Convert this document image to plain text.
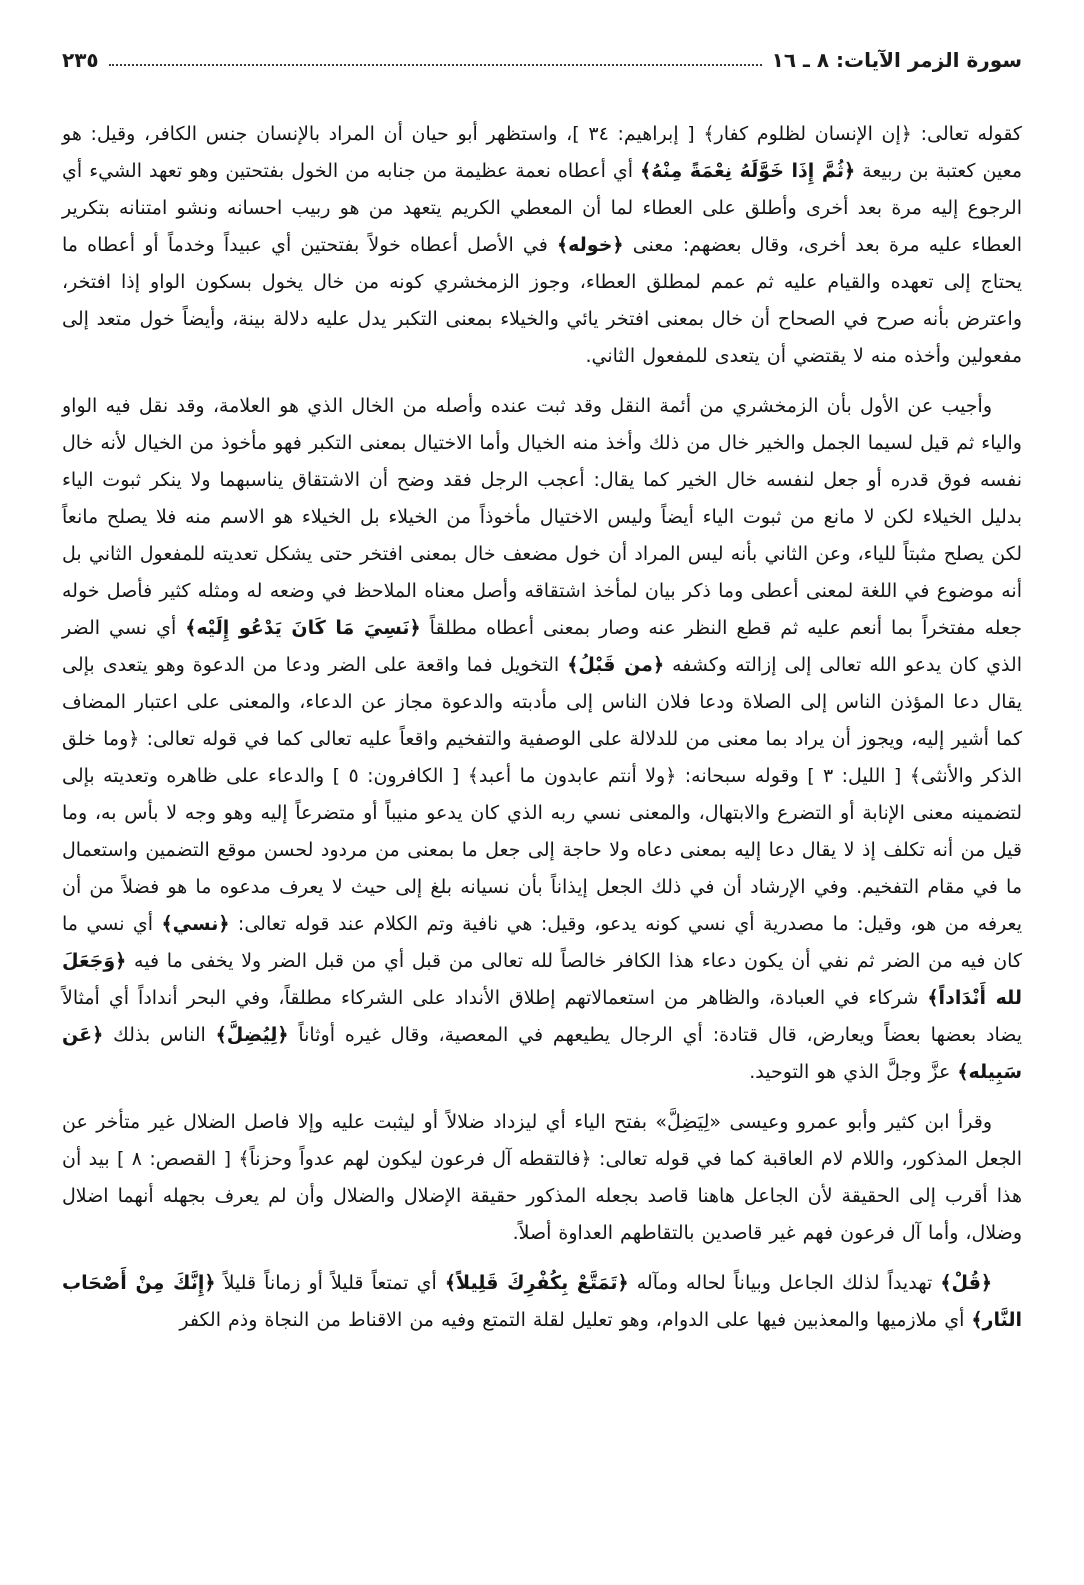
سورة الزمر الآيات: ٨ ـ ١٦
٢٣٥

كقوله تعالى: ﴿إن الإنسان لظلوم كفار﴾ [ إبراهيم: ٣٤ ]، واستظهر أبو حيان أن المراد بالإنسان جنس الكافر، وقيل: هو معين كعتبة بن ربيعة ﴿ثُمَّ إِذَا خَوَّلَهُ نِعْمَةً مِنْهُ﴾ أي أعطاه نعمة عظيمة من جنابه من الخول بفتحتين وهو تعهد الشيء أي الرجوع إليه مرة بعد أخرى وأطلق على العطاء لما أن المعطي الكريم يتعهد من هو ربيب احسانه ونشو امتنانه بتكرير العطاء عليه مرة بعد أخرى، وقال بعضهم: معنى ﴿خوله﴾ في الأصل أعطاه خولاً بفتحتين أي عبيداً وخدماً أو أعطاه ما يحتاج إلى تعهده والقيام عليه ثم عمم لمطلق العطاء، وجوز الزمخشري كونه من خال يخول بسكون الواو إذا افتخر، واعترض بأنه صرح في الصحاح أن خال بمعنى افتخر يائي والخيلاء بمعنى التكبر يدل عليه دلالة بينة، وأيضاً خول متعد إلى مفعولين وأخذه منه لا يقتضي أن يتعدى للمفعول الثاني.

وأجيب عن الأول بأن الزمخشري من أئمة النقل وقد ثبت عنده وأصله من الخال الذي هو العلامة، وقد نقل فيه الواو والياء ثم قيل لسيما الجمل والخير خال من ذلك وأخذ منه الخيال وأما الاختيال بمعنى التكبر فهو مأخوذ من الخيال لأنه خال نفسه فوق قدره أو جعل لنفسه خال الخير كما يقال: أعجب الرجل فقد وضح أن الاشتقاق يناسبهما ولا ينكر ثبوت الياء بدليل الخيلاء لكن لا مانع من ثبوت الياء أيضاً وليس الاختيال مأخوذاً من الخيلاء بل الخيلاء هو الاسم منه فلا يصلح مانعاً لكن يصلح مثبتاً للياء، وعن الثاني بأنه ليس المراد أن خول مضعف خال بمعنى افتخر حتى يشكل تعديته للمفعول الثاني بل أنه موضوع في اللغة لمعنى أعطى وما ذكر بيان لمأخذ اشتقاقه وأصل معناه الملاحظ في وضعه له ومثله كثير فأصل خوله جعله مفتخراً بما أنعم عليه ثم قطع النظر عنه وصار بمعنى أعطاه مطلقاً ﴿نَسِيَ مَا كَانَ يَدْعُو إِلَيْه﴾ أي نسي الضر الذي كان يدعو الله تعالى إلى إزالته وكشفه ﴿من قَبْلُ﴾ التخويل فما واقعة على الضر ودعا من الدعوة وهو يتعدى بإلى يقال دعا المؤذن الناس إلى الصلاة ودعا فلان الناس إلى مأدبته والدعوة مجاز عن الدعاء، والمعنى على اعتبار المضاف كما أشير إليه، ويجوز أن يراد بما معنى من للدلالة على الوصفية والتفخيم واقعاً عليه تعالى كما في قوله تعالى: ﴿وما خلق الذكر والأنثى﴾ [ الليل: ٣ ] وقوله سبحانه: ﴿ولا أنتم عابدون ما أعبد﴾ [ الكافرون: ٥ ] والدعاء على ظاهره وتعديته بإلى لتضمينه معنى الإنابة أو التضرع والابتهال، والمعنى نسي ربه الذي كان يدعو منيباً أو متضرعاً إليه وهو وجه لا بأس به، وما قيل من أنه تكلف إذ لا يقال دعا إليه بمعنى دعاه ولا حاجة إلى جعل ما بمعنى من مردود لحسن موقع التضمين واستعمال ما في مقام التفخيم. وفي الإرشاد أن في ذلك الجعل إيذاناً بأن نسيانه بلغ إلى حيث لا يعرف مدعوه ما هو فضلاً من أن يعرفه من هو، وقيل: ما مصدرية أي نسي كونه يدعو، وقيل: هي نافية وتم الكلام عند قوله تعالى: ﴿نسي﴾ أي نسي ما كان فيه من الضر ثم نفي أن يكون دعاء هذا الكافر خالصاً لله تعالى من قبل أي من قبل الضر ولا يخفى ما فيه ﴿وَجَعَلَ لله أَنْدَاداً﴾ شركاء في العبادة، والظاهر من استعمالاتهم إطلاق الأنداد على الشركاء مطلقاً، وفي البحر أنداداً أي أمثالاً يضاد بعضها بعضاً ويعارض، قال قتادة: أي الرجال يطيعهم في المعصية، وقال غيره أوثاناً ﴿لِيُضِلَّ﴾ الناس بذلك ﴿عَن سَبِيله﴾ عزَّ وجلَّ الذي هو التوحيد.

وقرأ ابن كثير وأبو عمرو وعيسى «لِيَضِلَّ» بفتح الياء أي ليزداد ضلالاً أو ليثبت عليه وإلا فاصل الضلال غير متأخر عن الجعل المذكور، واللام لام العاقبة كما في قوله تعالى: ﴿فالتقطه آل فرعون ليكون لهم عدواً وحزناً﴾ [ القصص: ٨ ] بيد أن هذا أقرب إلى الحقيقة لأن الجاعل هاهنا قاصد بجعله المذكور حقيقة الإضلال والضلال وأن لم يعرف بجهله أنهما اضلال وضلال، وأما آل فرعون فهم غير قاصدين بالتقاطهم العداوة أصلاً.

﴿قُلْ﴾ تهديداً لذلك الجاعل وبياناً لحاله ومآله ﴿تَمَتَّعْ بِكُفْرِكَ قَلِيلاً﴾ أي تمتعاً قليلاً أو زماناً قليلاً ﴿إِنَّكَ مِنْ أَصْحَاب النَّار﴾ أي ملازميها والمعذبين فيها على الدوام، وهو تعليل لقلة التمتع وفيه من الاقناط من النجاة وذم الكفر
